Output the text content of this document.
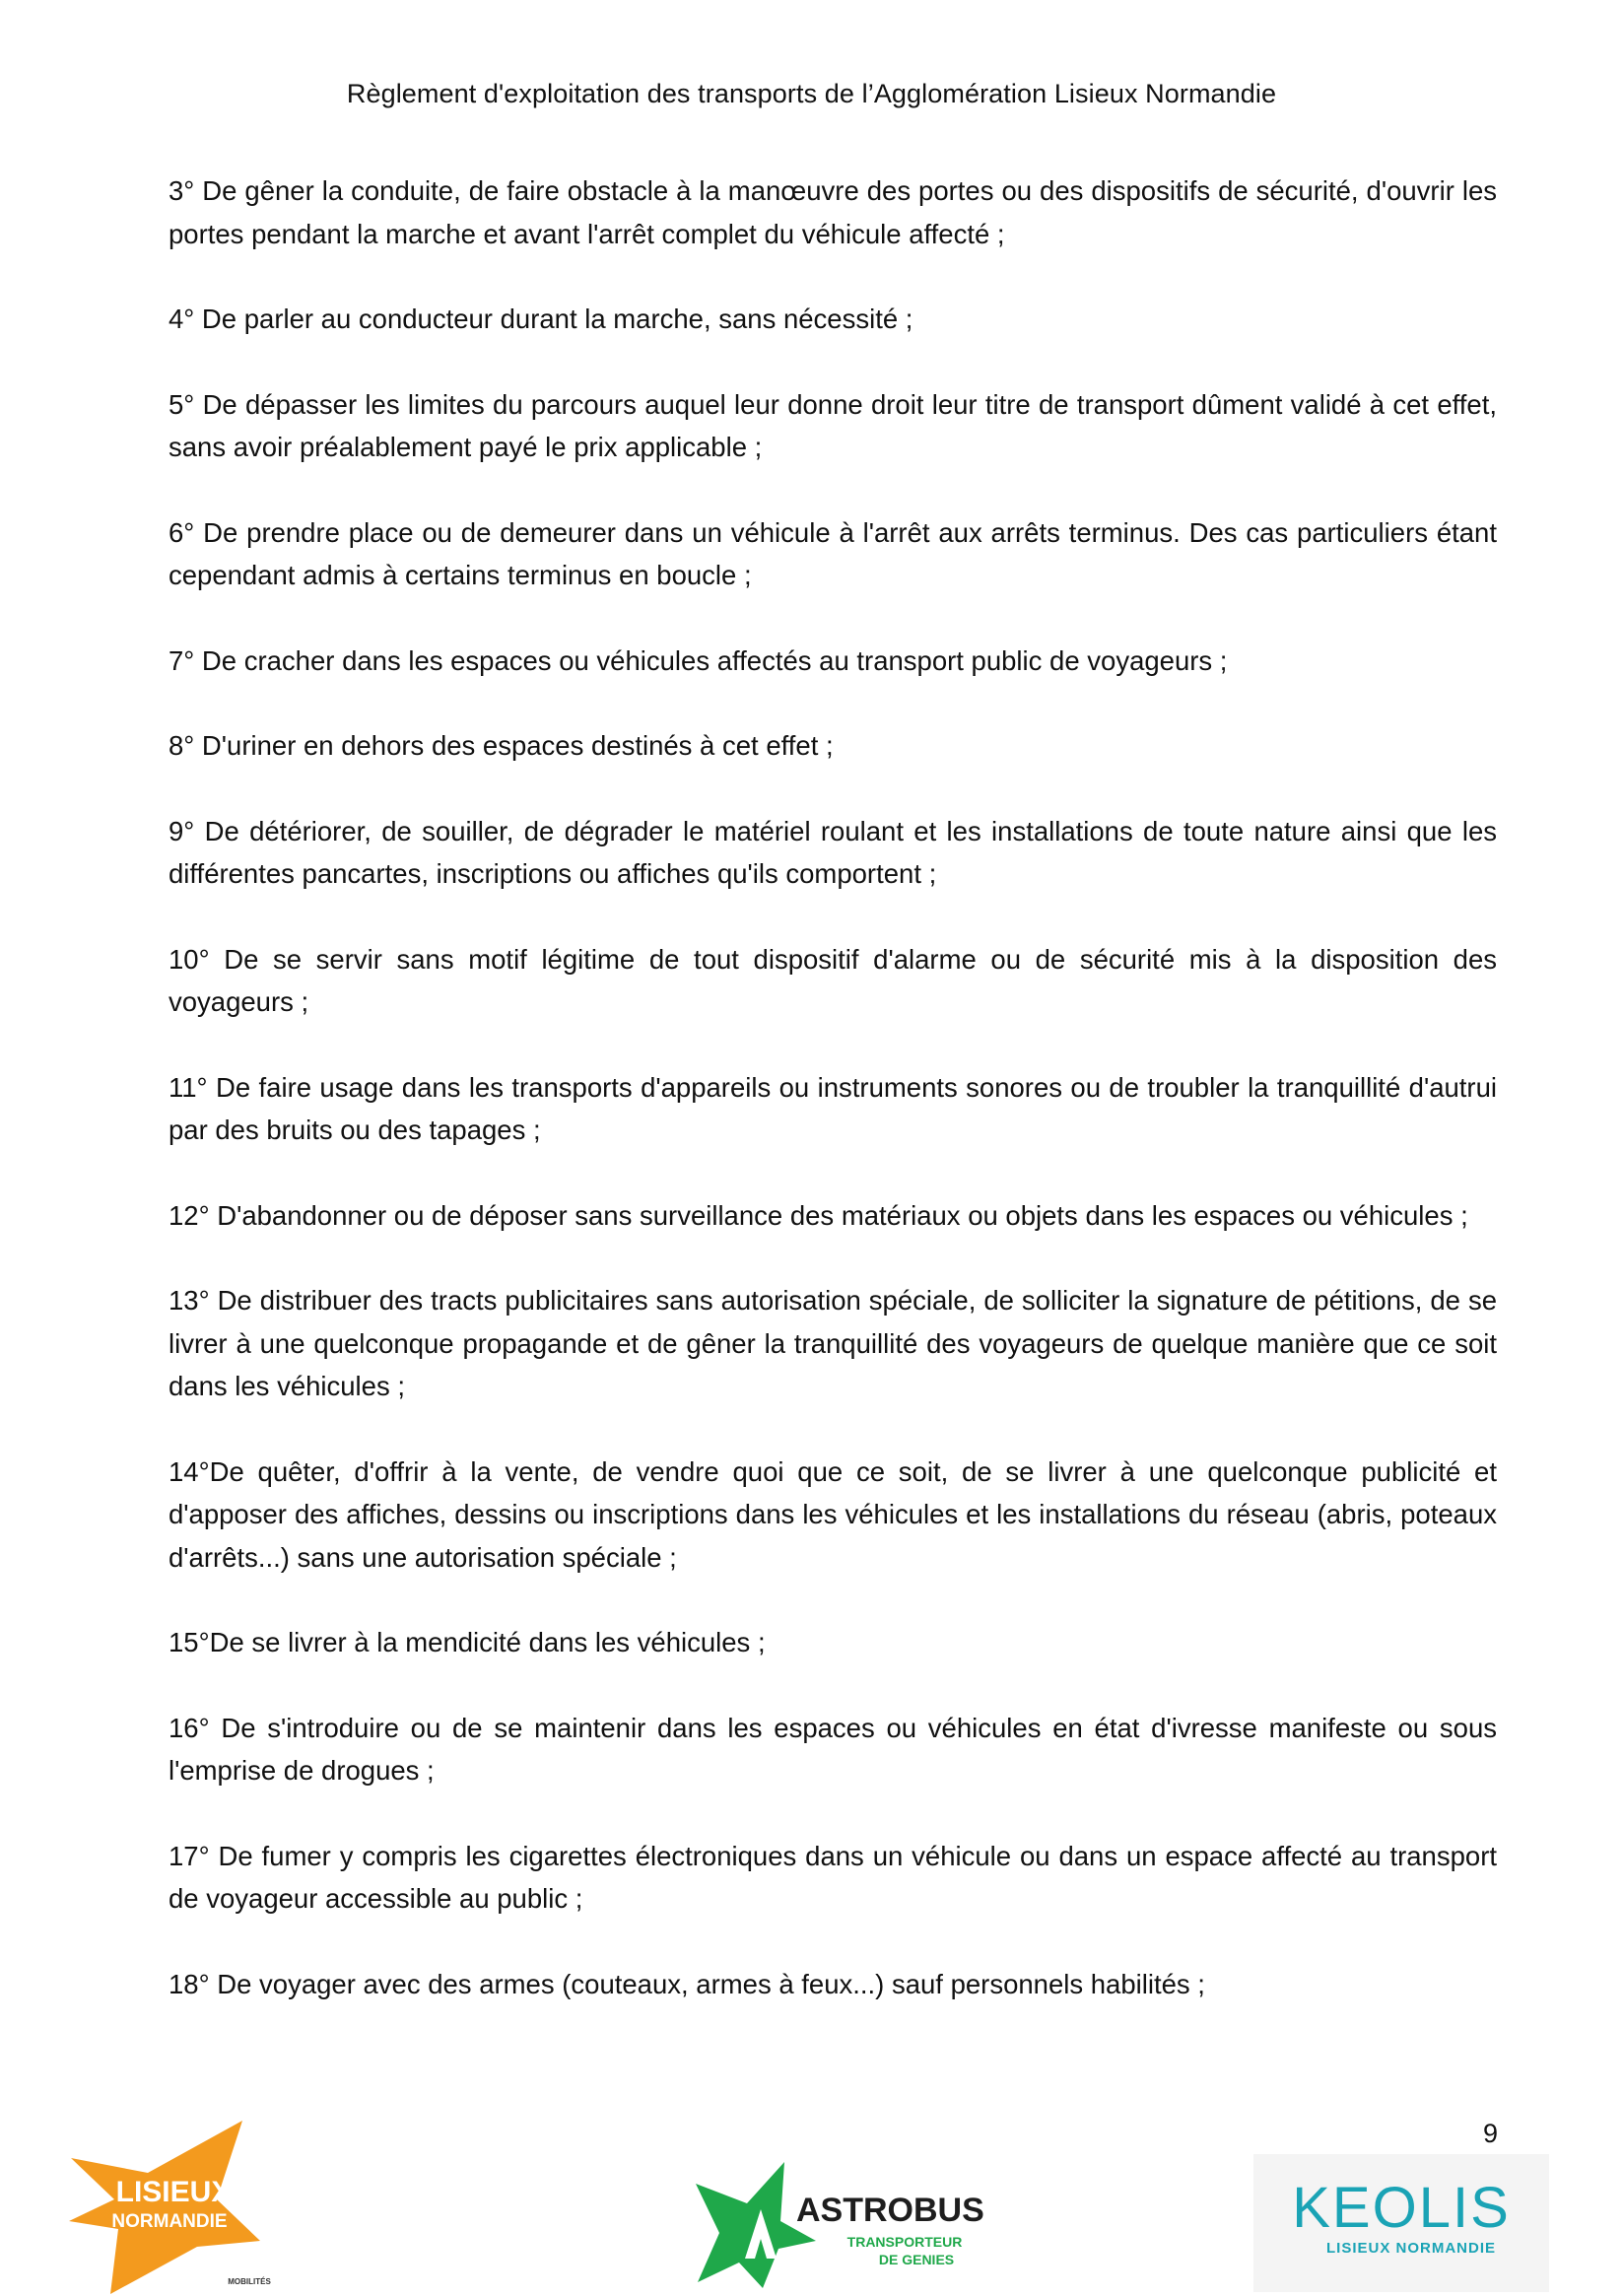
Règlement d'exploitation des transports de l’Agglomération Lisieux Normandie

3° De gêner la conduite, de faire obstacle à la manœuvre des portes ou des dispositifs de sécurité, d'ouvrir les portes pendant la marche et avant l'arrêt complet du véhicule affecté ;

4° De parler au conducteur durant la marche, sans nécessité ;

5° De dépasser les limites du parcours auquel leur donne droit leur titre de transport dûment validé à cet effet, sans avoir préalablement payé le prix applicable ;

6° De prendre place ou de demeurer dans un véhicule à l'arrêt aux arrêts terminus. Des cas particuliers étant cependant admis à certains terminus en boucle ;

7° De cracher dans les espaces ou véhicules affectés au transport public de voyageurs ;

8° D'uriner en dehors des espaces destinés à cet effet ;

9° De détériorer, de souiller, de dégrader le matériel roulant et les installations de toute nature ainsi que les différentes pancartes, inscriptions ou affiches qu'ils comportent ;

10° De se servir sans motif légitime de tout dispositif d'alarme ou de sécurité mis à la disposition des voyageurs ;

11° De faire usage dans les transports d'appareils ou instruments sonores ou de troubler la tranquillité d'autrui par des bruits ou des tapages ;

12° D'abandonner ou de déposer sans surveillance des matériaux ou objets dans les espaces ou véhicules ;

13° De distribuer des tracts publicitaires sans autorisation spéciale, de solliciter la signature de pétitions, de se livrer à une quelconque propagande et de gêner la tranquillité des voyageurs de quelque manière que ce soit dans les véhicules ;

14°De quêter, d'offrir à la vente, de vendre quoi que ce soit, de se livrer à une quelconque publicité et d'apposer des affiches, dessins ou inscriptions dans les véhicules et les installations du réseau (abris, poteaux d'arrêts...) sans une autorisation spéciale ;

15°De se livrer à la mendicité dans les véhicules ;

16° De s'introduire ou de se maintenir dans les espaces ou véhicules en état d'ivresse manifeste ou sous l'emprise de drogues ;

17° De fumer y compris les cigarettes électroniques dans un véhicule ou dans un espace affecté au transport de voyageur accessible au public ;

18° De voyager avec des armes (couteaux, armes à feux...) sauf personnels habilités ;

9
LISIEUX
NORMANDIE
MOBILITÉS
ASTROBUS
TRANSPORTEUR
DE GENIES
KEOLIS
LISIEUX NORMANDIE
